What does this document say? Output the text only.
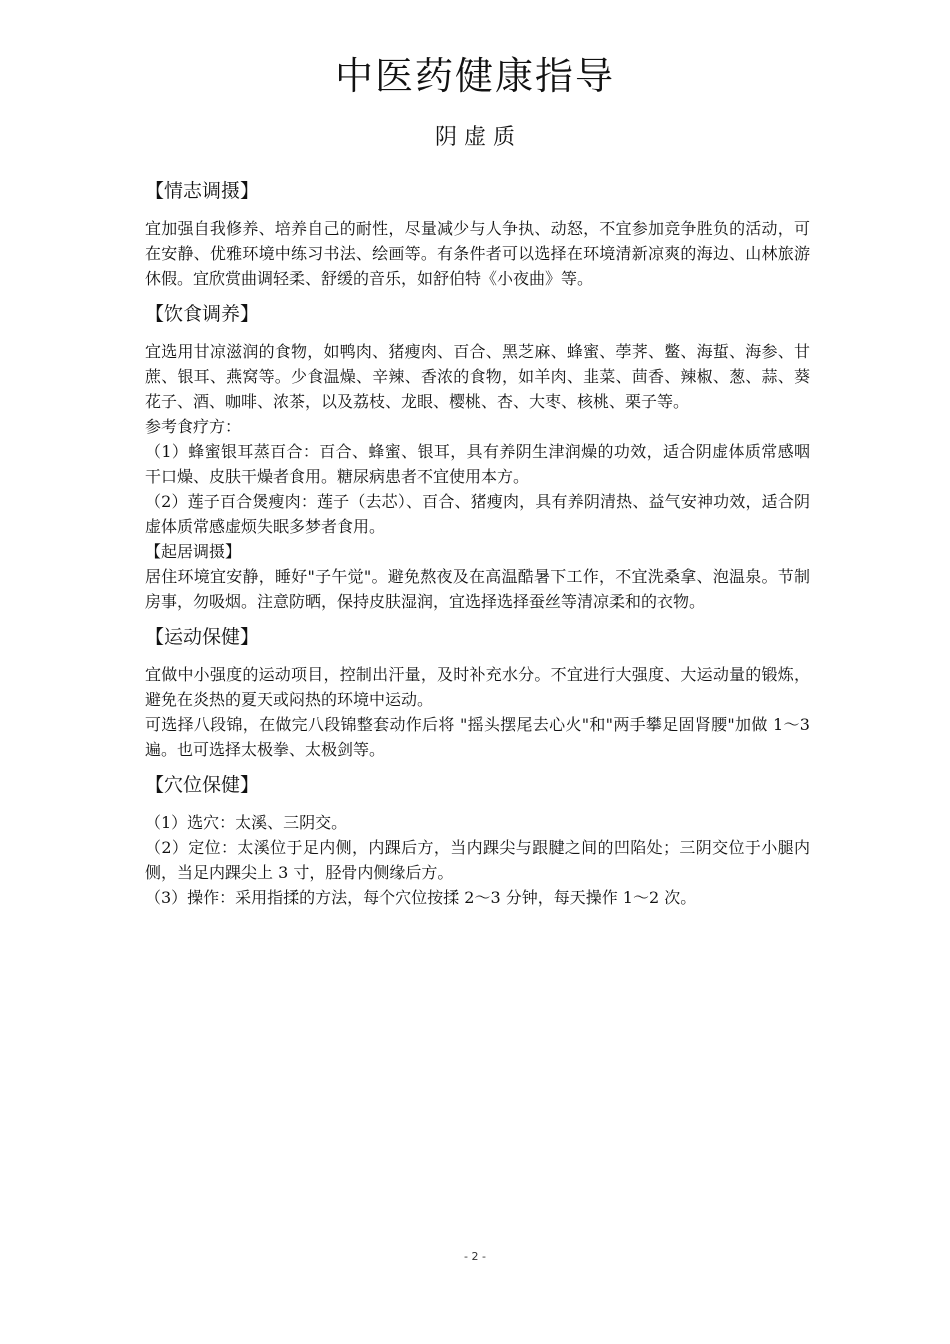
中医药健康指导
阴 虚 质
【情志调摄】

宜加强自我修养、培养自己的耐性，尽量减少与人争执、动怒，不宜参加竞争胜负的活动，可在安静、优雅环境中练习书法、绘画等。有条件者可以选择在环境清新凉爽的海边、山林旅游休假。宜欣赏曲调轻柔、舒缓的音乐，如舒伯特《小夜曲》等。

【饮食调养】

宜选用甘凉滋润的食物，如鸭肉、猪瘦肉、百合、黑芝麻、蜂蜜、荸荠、鳖、海蜇、海参、甘蔗、银耳、燕窝等。少食温燥、辛辣、香浓的食物，如羊肉、韭菜、茴香、辣椒、葱、蒜、葵花子、酒、咖啡、浓茶，以及荔枝、龙眼、樱桃、杏、大枣、核桃、栗子等。

参考食疗方：

（1）蜂蜜银耳蒸百合：百合、蜂蜜、银耳，具有养阴生津润燥的功效，适合阴虚体质常感咽干口燥、皮肤干燥者食用。糖尿病患者不宜使用本方。

（2）莲子百合煲瘦肉：莲子（去芯）、百合、猪瘦肉，具有养阴清热、益气安神功效，适合阴虚体质常感虚烦失眠多梦者食用。

【起居调摄】

居住环境宜安静，睡好"子午觉"。避免熬夜及在高温酷暑下工作，不宜洗桑拿、泡温泉。节制房事，勿吸烟。注意防晒，保持皮肤湿润，宜选择选择蚕丝等清凉柔和的衣物。

【运动保健】

宜做中小强度的运动项目，控制出汗量，及时补充水分。不宜进行大强度、大运动量的锻炼，避免在炎热的夏天或闷热的环境中运动。

可选择八段锦，在做完八段锦整套动作后将 "摇头摆尾去心火"和"两手攀足固肾腰"加做 1～3 遍。也可选择太极拳、太极剑等。

【穴位保健】

（1）选穴：太溪、三阴交。

（2）定位：太溪位于足内侧，内踝后方，当内踝尖与跟腱之间的凹陷处；三阴交位于小腿内侧，当足内踝尖上 3 寸，胫骨内侧缘后方。

（3）操作：采用指揉的方法，每个穴位按揉 2～3 分钟，每天操作 1～2 次。

- 2 -
